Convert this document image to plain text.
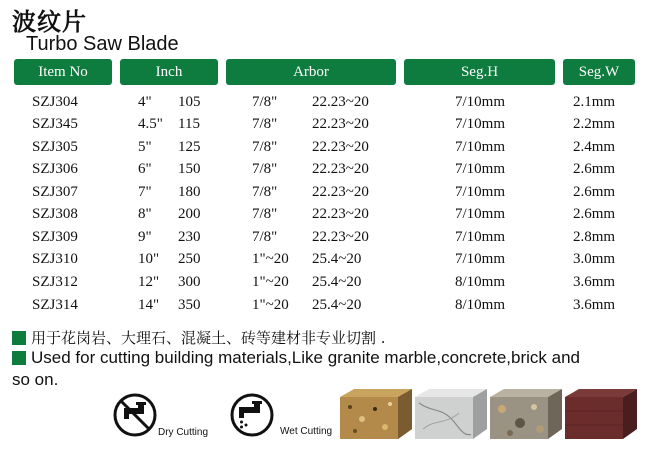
波纹片
Turbo Saw Blade
Item No	Inch	Arbor	Seg.H	Seg.W
SZJ304	4" 105	7/8" 22.23~20	7/10mm	2.1mm
SZJ345	4.5" 115	7/8" 22.23~20	7/10mm	2.2mm
SZJ305	5" 125	7/8" 22.23~20	7/10mm	2.4mm
SZJ306	6" 150	7/8" 22.23~20	7/10mm	2.6mm
SZJ307	7" 180	7/8" 22.23~20	7/10mm	2.6mm
SZJ308	8" 200	7/8" 22.23~20	7/10mm	2.6mm
SZJ309	9" 230	7/8" 22.23~20	7/10mm	2.8mm
SZJ310	10" 250	1"~20 25.4~20	7/10mm	3.0mm
SZJ312	12" 300	1"~20 25.4~20	8/10mm	3.6mm
SZJ314	14" 350	1"~20 25.4~20	8/10mm	3.6mm
用于花岗岩、大理石、混凝土、砖等建材非专业切割 .
Used for cutting building materials,Like granite marble,concrete,brick and
so on.
Dry Cutting	Wet Cutting
